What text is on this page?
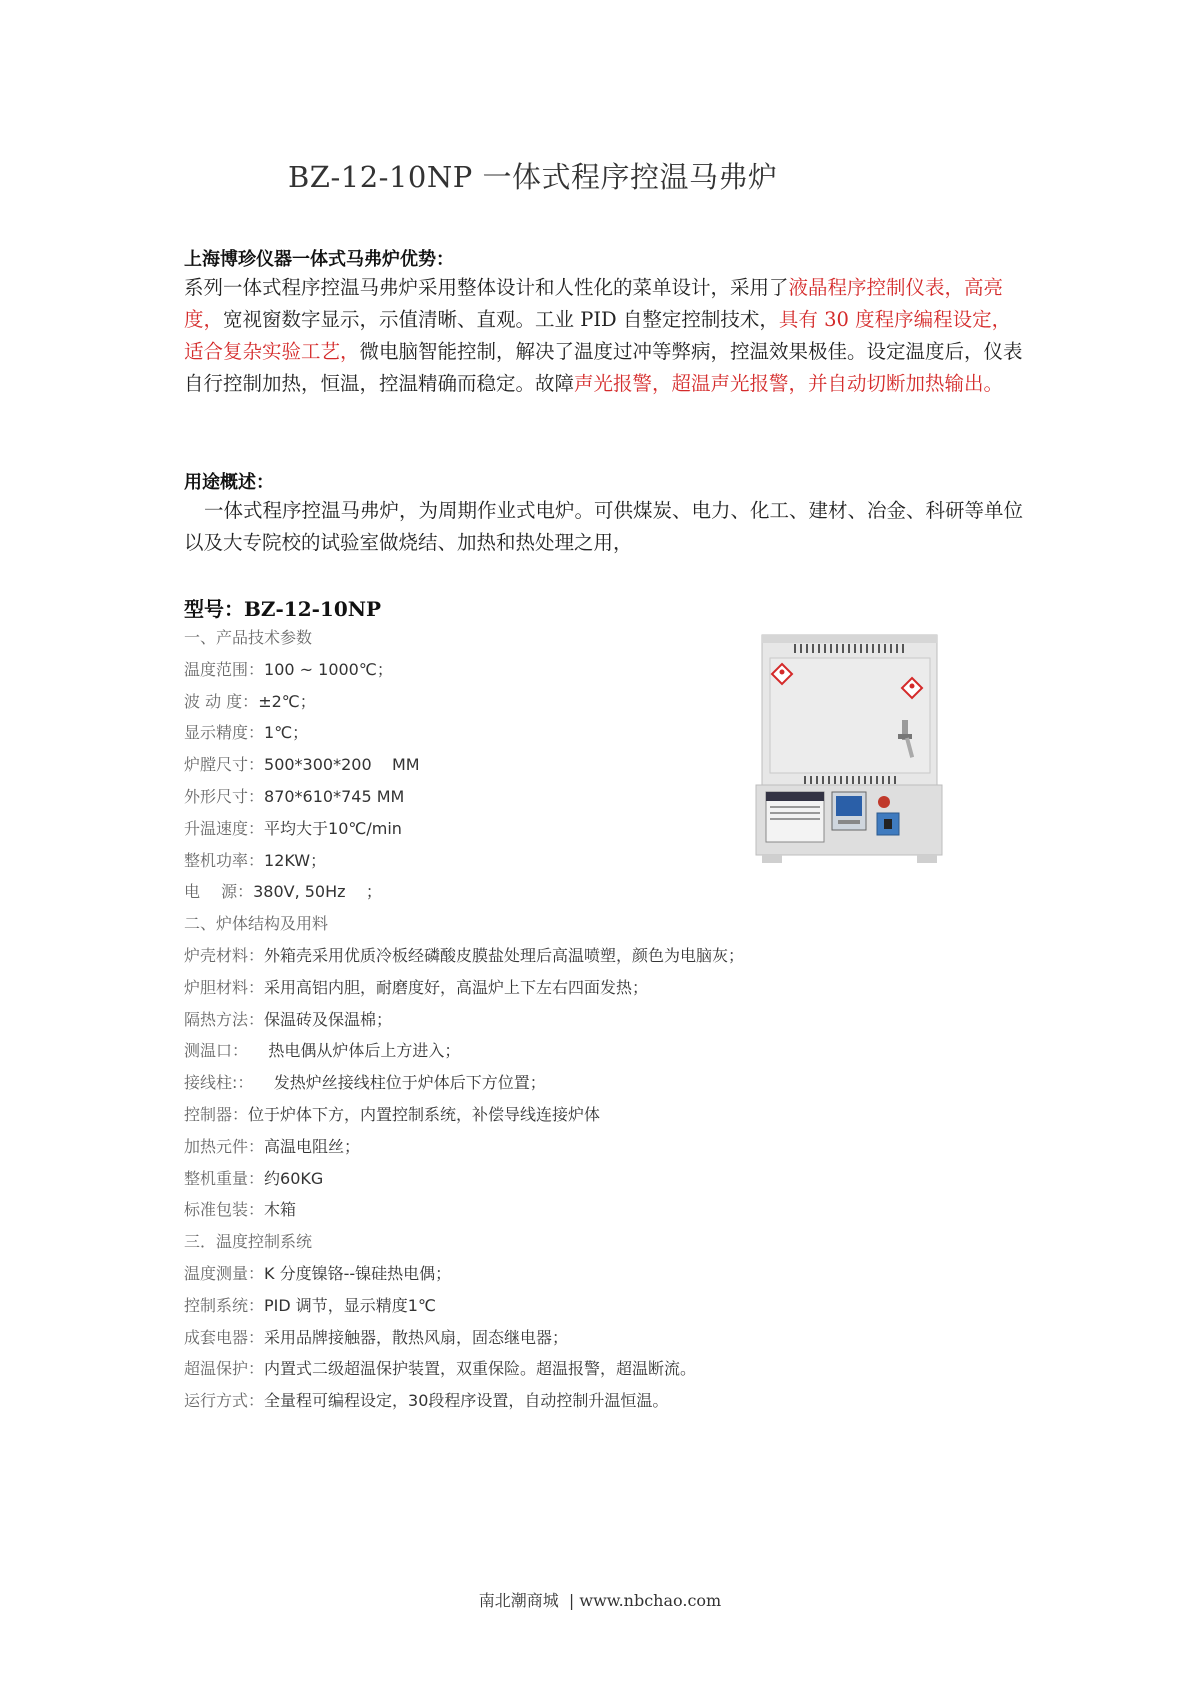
BZ-12-10NP 一体式程序控温马弗炉
上海博珍仪器一体式马弗炉优势：
系列一体式程序控温马弗炉采用整体设计和人性化的菜单设计，采用了液晶程序控制仪表，高亮度，宽视窗数字显示，示值清晰、直观。工业 PID 自整定控制技术，具有 30 度程序编程设定，适合复杂实验工艺，微电脑智能控制，解决了温度过冲等弊病，控温效果极佳。设定温度后，仪表自行控制加热，恒温，控温精确而稳定。故障声光报警，超温声光报警，并自动切断加热输出。
用途概述：
一体式程序控温马弗炉，为周期作业式电炉。可供煤炭、电力、化工、建材、冶金、科研等单位以及大专院校的试验室做烧结、加热和热处理之用，
型号：BZ-12-10NP
一、产品技术参数
温度范围：100 ~ 1000℃；
波 动 度：±2℃；
显示精度：1℃；
炉膛尺寸：500*300*200    MM
外形尺寸：870*610*745 MM
升温速度：平均大于10℃/min
整机功率：12KW；
电　 源：380V, 50Hz    ；
二、炉体结构及用料
炉壳材料：外箱壳采用优质冷板经磷酸皮膜盐处理后高温喷塑，颜色为电脑灰；
炉胆材料：采用高铝内胆，耐磨度好，高温炉上下左右四面发热；
隔热方法：保温砖及保温棉；
测温口：    热电偶从炉体后上方进入；
接线柱:：    发热炉丝接线柱位于炉体后下方位置；
控制器：位于炉体下方，内置控制系统，补偿导线连接炉体
加热元件：高温电阻丝；
整机重量：约60KG
标准包装：木箱
三．温度控制系统
温度测量：K 分度镍铬--镍硅热电偶；
控制系统：PID 调节，显示精度1℃
成套电器：采用品牌接触器，散热风扇，固态继电器；
超温保护：内置式二级超温保护装置，双重保险。超温报警，超温断流。
运行方式：全量程可编程设定，30段程序设置，自动控制升温恒温。
南北潮商城  | www.nbchao.com
